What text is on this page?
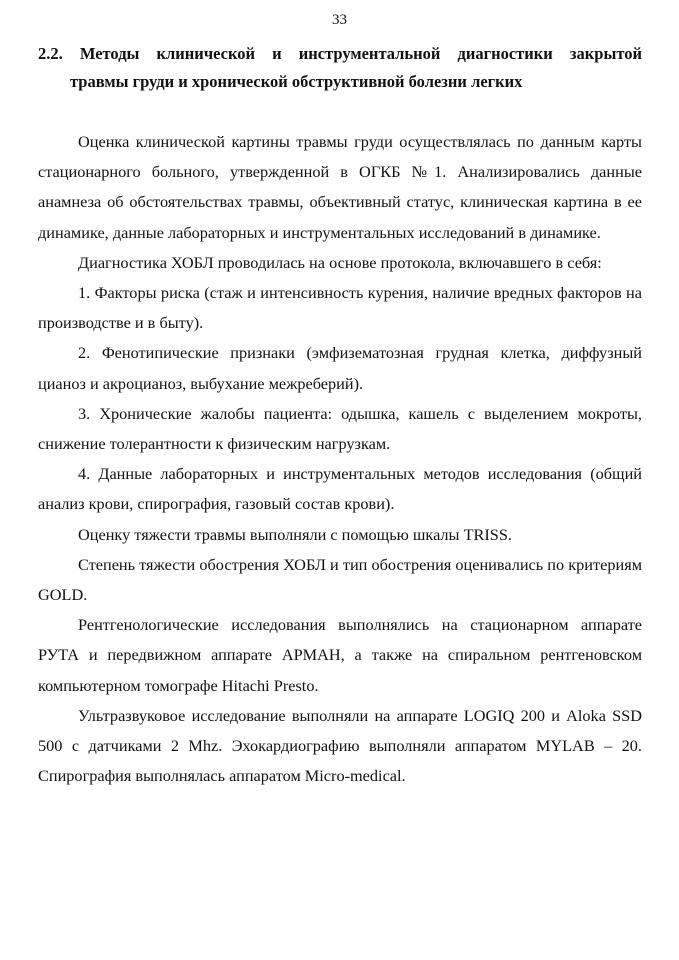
33
2.2. Методы клинической и инструментальной диагностики закрытой
травмы груди и хронической обструктивной болезни легких

Оценка клинической картины травмы груди осуществлялась по данным карты стационарного больного, утвержденной в ОГКБ №1. Анализировались данные анамнеза об обстоятельствах травмы, объективный статус, клиническая картина в ее динамике, данные лабораторных и инструментальных исследований в динамике.

Диагностика ХОБЛ проводилась на основе протокола, включавшего в себя:

1. Факторы риска (стаж и интенсивность курения, наличие вредных факторов на производстве и в быту).

2. Фенотипические признаки (эмфизематозная грудная клетка, диффузный цианоз и акроцианоз, выбухание межреберий).

3. Хронические жалобы пациента: одышка, кашель с выделением мокроты, снижение толерантности к физическим нагрузкам.

4. Данные лабораторных и инструментальных методов исследования (общий анализ крови, спирография, газовый состав крови).

Оценку тяжести травмы выполняли с помощью шкалы TRISS.

Степень тяжести обострения ХОБЛ и тип обострения оценивались по критериям GOLD.

Рентгенологические исследования выполнялись на стационарном аппарате РУТА и передвижном аппарате АРМАН, а также на спиральном рентгеновском компьютерном томографе Hitachi Presto.

Ультразвуковое исследование выполняли на аппарате LOGIQ 200 и Aloka SSD 500 с датчиками 2 Mhz. Эхокардиографию выполняли аппаратом MYLAB – 20. Спирография выполнялась аппаратом Micro-medical.
